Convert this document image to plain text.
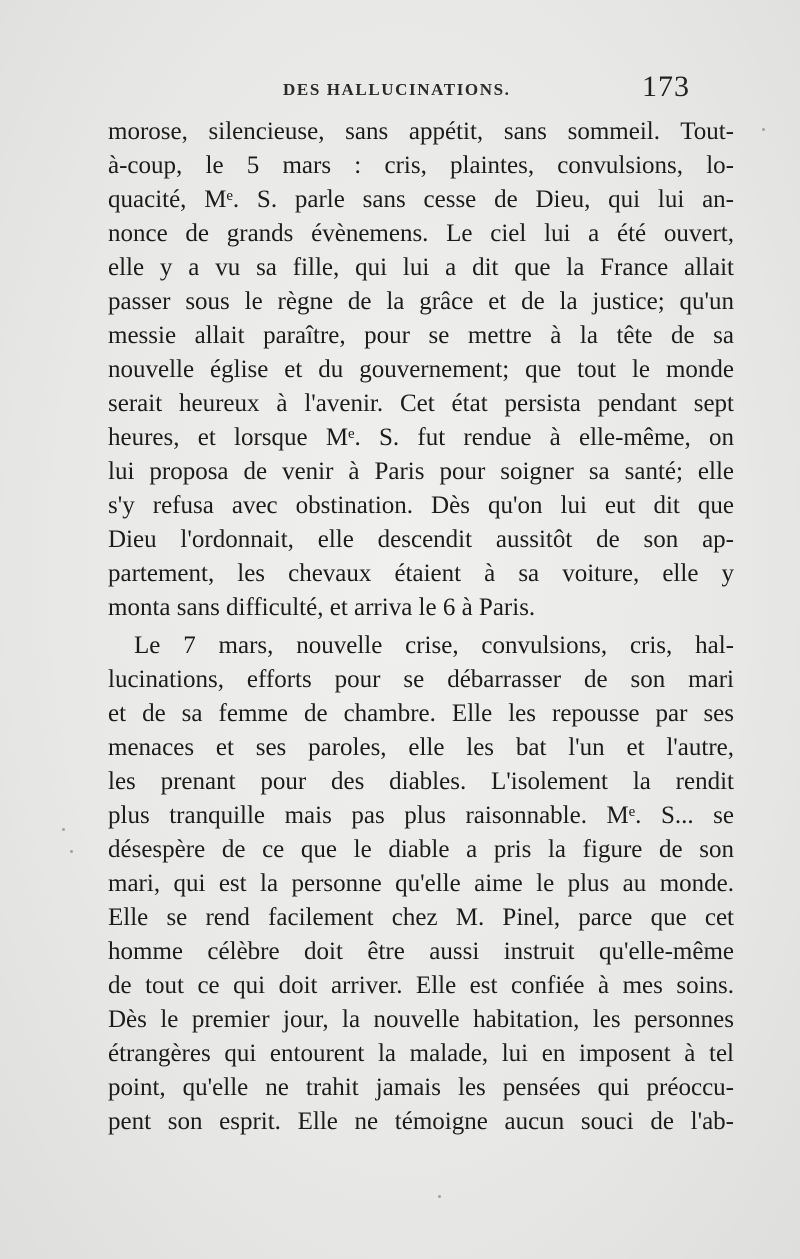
DES HALLUCINATIONS.	173
morose, silencieuse, sans appétit, sans sommeil. Tout-
à-coup, le 5 mars : cris, plaintes, convulsions, lo-
quacité, Mᵉ. S. parle sans cesse de Dieu, qui lui an-
nonce de grands évènemens. Le ciel lui a été ouvert,
elle y a vu sa fille, qui lui a dit que la France allait
passer sous le règne de la grâce et de la justice; qu'un
messie allait paraître, pour se mettre à la tête de sa
nouvelle église et du gouvernement; que tout le monde
serait heureux à l'avenir. Cet état persista pendant sept
heures, et lorsque Mᵉ. S. fut rendue à elle-même, on
lui proposa de venir à Paris pour soigner sa santé; elle
s'y refusa avec obstination. Dès qu'on lui eut dit que
Dieu l'ordonnait, elle descendit aussitôt de son ap-
partement, les chevaux étaient à sa voiture, elle y
monta sans difficulté, et arriva le 6 à Paris.
Le 7 mars, nouvelle crise, convulsions, cris, hal-
lucinations, efforts pour se débarrasser de son mari
et de sa femme de chambre. Elle les repousse par ses
menaces et ses paroles, elle les bat l'un et l'autre,
les prenant pour des diables. L'isolement la rendit
plus tranquille mais pas plus raisonnable. Mᵉ. S... se
désespère de ce que le diable a pris la figure de son
mari, qui est la personne qu'elle aime le plus au monde.
Elle se rend facilement chez M. Pinel, parce que cet
homme célèbre doit être aussi instruit qu'elle-même
de tout ce qui doit arriver. Elle est confiée à mes soins.
Dès le premier jour, la nouvelle habitation, les personnes
étrangères qui entourent la malade, lui en imposent à tel
point, qu'elle ne trahit jamais les pensées qui préoccu-
pent son esprit. Elle ne témoigne aucun souci de l'ab-
